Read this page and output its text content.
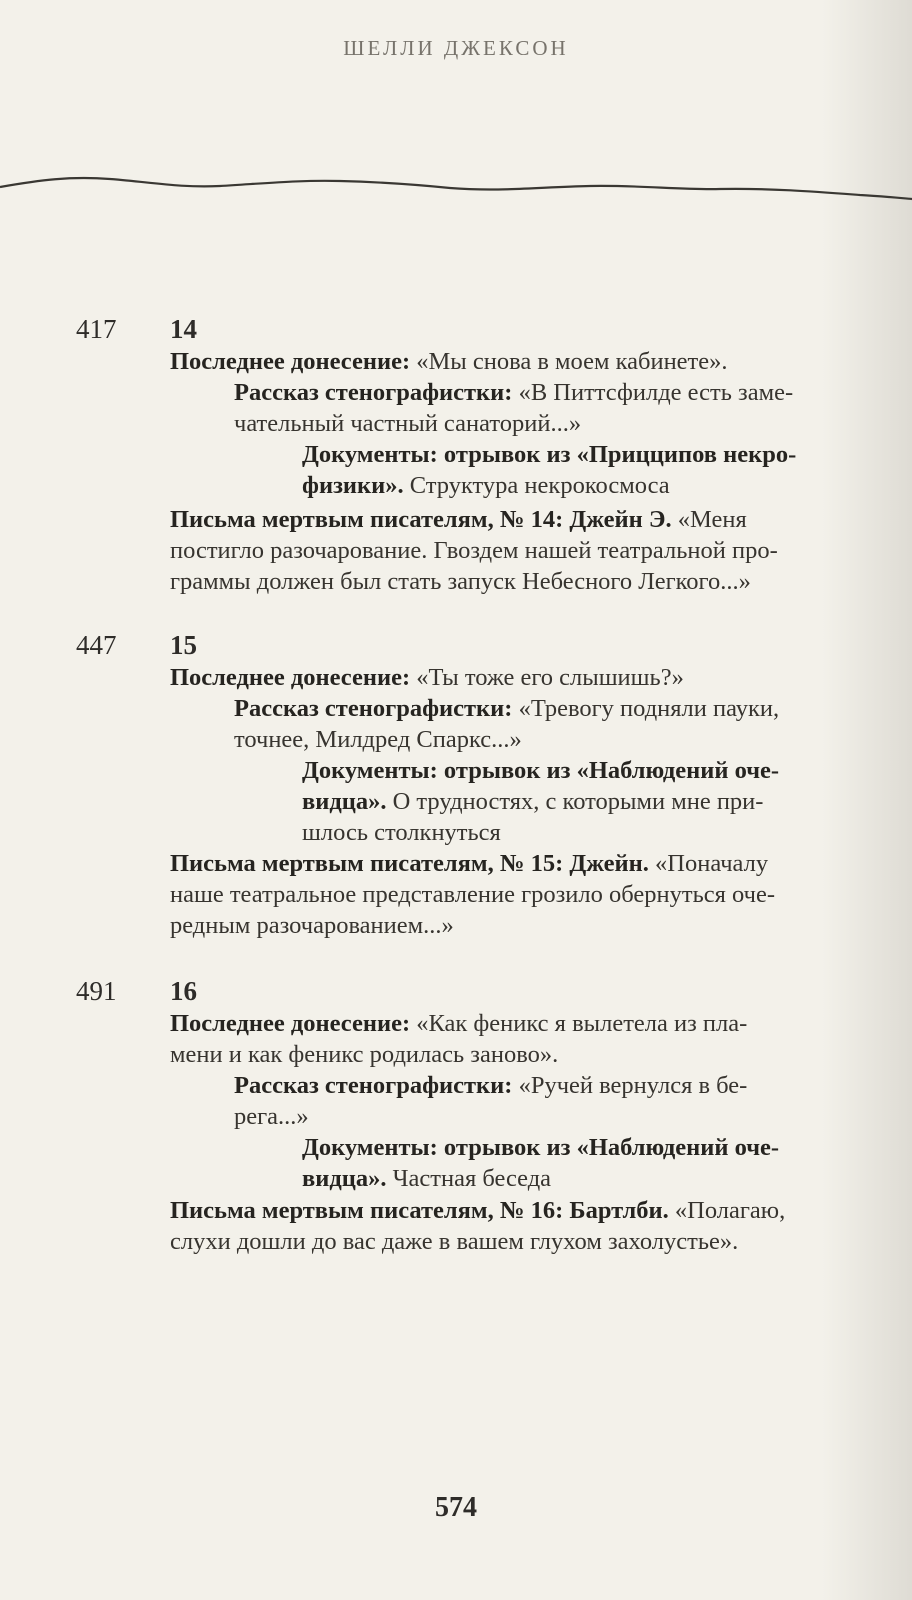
ШЕЛЛИ ДЖЕКСОН
417 14
Последнее донесение: «Мы снова в моем кабинете».
Рассказ стенографистки: «В Питтсфилде есть заме-
чательный частный санаторий...»
Документы: отрывок из «Прицципов некро-
физики». Структура некрокосмоса
Письма мертвым писателям, № 14: Джейн Э. «Меня
постигло разочарование. Гвоздем нашей театральной про-
граммы должен был стать запуск Небесного Легкого...»
447 15
Последнее донесение: «Ты тоже его слышишь?»
Рассказ стенографистки: «Тревогу подняли пауки,
точнее, Милдред Спаркс...»
Документы: отрывок из «Наблюдений оче-
видца». О трудностях, с которыми мне при-
шлось столкнуться
Письма мертвым писателям, № 15: Джейн. «Поначалу
наше театральное представление грозило обернуться оче-
редным разочарованием...»
491 16
Последнее донесение: «Как феникс я вылетела из пла-
мени и как феникс родилась заново».
Рассказ стенографистки: «Ручей вернулся в бе-
рега...»
Документы: отрывок из «Наблюдений оче-
видца». Частная беседа
Письма мертвым писателям, № 16: Бартлби. «Полагаю,
слухи дошли до вас даже в вашем глухом захолустье».
574
